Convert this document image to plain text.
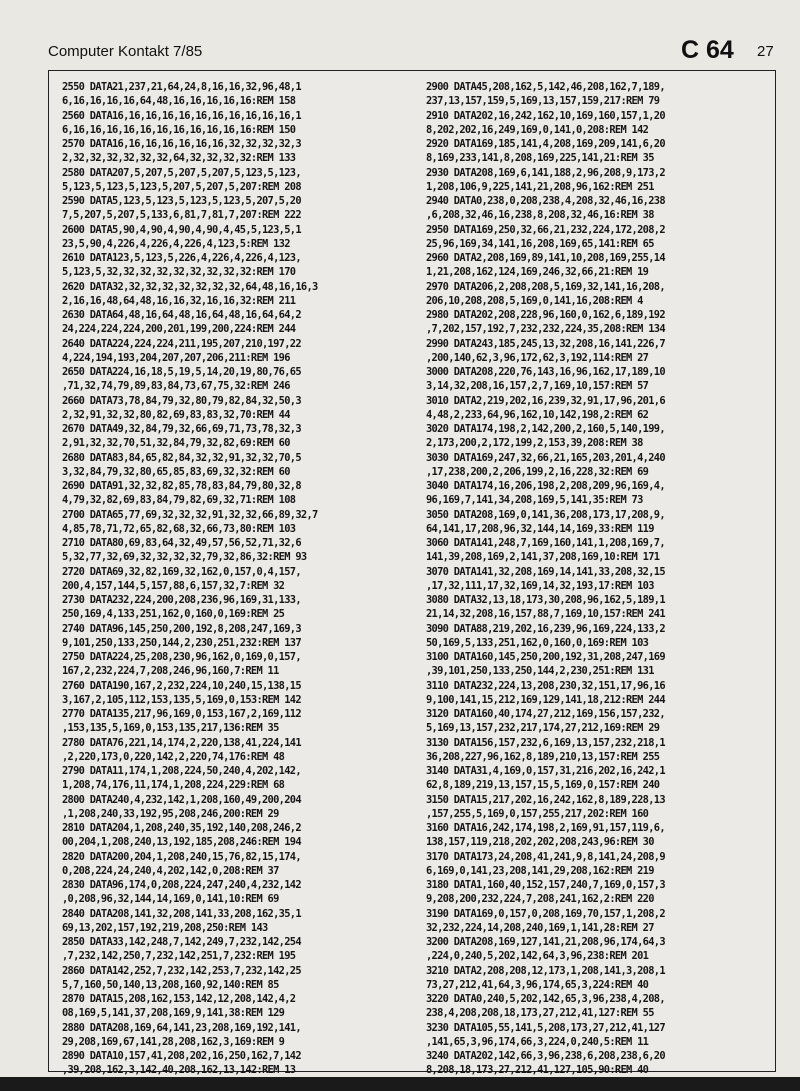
Computer Kontakt 7/85	C 64 27
2550 DATA21,237,21,64,24,8,16,16,32,96,48,1
6,16,16,16,16,64,48,16,16,16,16,16:REM 158
2560 DATA16,16,16,16,16,16,16,16,16,16,16,1
6,16,16,16,16,16,16,16,16,16,16,16:REM 150
2570 DATA16,16,16,16,16,16,16,32,32,32,32,3
2,32,32,32,32,32,32,64,32,32,32,32:REM 133
2580 DATA207,5,207,5,207,5,207,5,123,5,123,
5,123,5,123,5,123,5,207,5,207,5,207:REM 208
2590 DATA5,123,5,123,5,123,5,123,5,207,5,20
7,5,207,5,207,5,133,6,81,7,81,7,207:REM 222
2600 DATA5,90,4,90,4,90,4,90,4,45,5,123,5,1
23,5,90,4,226,4,226,4,226,4,123,5:REM 132
2610 DATA123,5,123,5,226,4,226,4,226,4,123,
5,123,5,32,32,32,32,32,32,32,32,32:REM 170
2620 DATA32,32,32,32,32,32,32,32,64,48,16,16,3
2,16,16,48,64,48,16,16,32,16,16,32:REM 211
2630 DATA64,48,16,64,48,16,64,48,16,64,64,2
24,224,224,224,200,201,199,200,224:REM 244
2640 DATA224,224,224,211,195,207,210,197,22
4,224,194,193,204,207,207,206,211:REM 196
2650 DATA224,16,18,5,19,5,14,20,19,80,76,65
,71,32,74,79,89,83,84,73,67,75,32:REM 246
2660 DATA73,78,84,79,32,80,79,82,84,32,50,3
2,32,91,32,32,80,82,69,83,83,32,70:REM 44
2670 DATA49,32,84,79,32,66,69,71,73,78,32,3
2,91,32,32,70,51,32,84,79,32,82,69:REM 60
2680 DATA83,84,65,82,84,32,32,91,32,32,70,5
3,32,84,79,32,80,65,85,83,69,32,32:REM 60
2690 DATA91,32,32,82,85,78,83,84,79,80,32,8
4,79,32,82,69,83,84,79,82,69,32,71:REM 108
2700 DATA65,77,69,32,32,32,91,32,32,66,89,32,7
4,85,78,71,72,65,82,68,32,66,73,80:REM 103
2710 DATA80,69,83,64,32,49,57,56,52,71,32,6
5,32,77,32,69,32,32,32,32,79,32,86,32:REM 93
2720 DATA69,32,82,169,32,162,0,157,0,4,157,
200,4,157,144,5,157,88,6,157,32,7:REM 32
2730 DATA232,224,200,208,236,96,169,31,133,
250,169,4,133,251,162,0,160,0,169:REM 25
2740 DATA96,145,250,200,192,8,208,247,169,3
9,101,250,133,250,144,2,230,251,232:REM 137
2750 DATA224,25,208,230,96,162,0,169,0,157,
167,2,232,224,7,208,246,96,160,7:REM 11
2760 DATA190,167,2,232,224,10,240,15,138,15
3,167,2,105,112,153,135,5,169,0,153:REM 142
2770 DATA135,217,96,169,0,153,167,2,169,112
,153,135,5,169,0,153,135,217,136:REM 35
2780 DATA76,221,14,174,2,220,138,41,224,141
,2,220,173,0,220,142,2,220,74,176:REM 48
2790 DATA11,174,1,208,224,50,240,4,202,142,
1,208,74,176,11,174,1,208,224,229:REM 68
2800 DATA240,4,232,142,1,208,160,49,200,204
,1,208,240,33,192,95,208,246,200:REM 29
2810 DATA204,1,208,240,35,192,140,208,246,2
00,204,1,208,240,13,192,185,208,246:REM 194
2820 DATA200,204,1,208,240,15,76,82,15,174,
0,208,224,24,240,4,202,142,0,208:REM 37
2830 DATA96,174,0,208,224,247,240,4,232,142
,0,208,96,32,144,14,169,0,141,10:REM 69
2840 DATA208,141,32,208,141,33,208,162,35,1
69,13,202,157,192,219,208,250:REM 143
2850 DATA33,142,248,7,142,249,7,232,142,254
,7,232,142,250,7,232,142,251,7,232:REM 195
2860 DATA142,252,7,232,142,253,7,232,142,25
5,7,160,50,140,13,208,160,92,140:REM 85
2870 DATA15,208,162,153,142,12,208,142,4,2
08,169,5,141,37,208,169,9,141,38:REM 129
2880 DATA208,169,64,141,23,208,169,192,141,
29,208,169,67,141,28,208,162,3,169:REM 9
2890 DATA10,157,41,208,202,16,250,162,7,142
,39,208,162,3,142,40,208,162,13,142:REM 13
2900 DATA45,208,162,5,142,46,208,162,7,189,
237,13,157,159,5,169,13,157,159,217:REM 79
2910 DATA202,16,242,162,10,169,160,157,1,20
8,202,202,16,249,169,0,141,0,208:REM 142
2920 DATA169,185,141,4,208,169,209,141,6,20
8,169,233,141,8,208,169,225,141,21:REM 35
2930 DATA208,169,6,141,188,2,96,208,9,173,2
1,208,106,9,225,141,21,208,96,162:REM 251
2940 DATA0,238,0,208,238,4,208,32,46,16,238
,6,208,32,46,16,238,8,208,32,46,16:REM 38
2950 DATA169,250,32,66,21,232,224,172,208,2
25,96,169,34,141,16,208,169,65,141:REM 65
2960 DATA2,208,169,89,141,10,208,169,255,14
1,21,208,162,124,169,246,32,66,21:REM 19
2970 DATA206,2,208,208,5,169,32,141,16,208,
206,10,208,208,5,169,0,141,16,208:REM 4
2980 DATA202,208,228,96,160,0,162,6,189,192
,7,202,157,192,7,232,232,224,35,208:REM 134
2990 DATA243,185,245,13,32,208,16,141,226,7
,200,140,62,3,96,172,62,3,192,114:REM 27
3000 DATA208,220,76,143,16,96,162,17,189,10
3,14,32,208,16,157,2,7,169,10,157:REM 57
3010 DATA2,219,202,16,239,32,91,17,96,201,6
4,48,2,233,64,96,162,10,142,198,2:REM 62
3020 DATA174,198,2,142,200,2,160,5,140,199,
2,173,200,2,172,199,2,153,39,208:REM 38
3030 DATA169,247,32,66,21,165,203,201,4,240
,17,238,200,2,206,199,2,16,228,32:REM 69
3040 DATA174,16,206,198,2,208,209,96,169,4,
96,169,7,141,34,208,169,5,141,35:REM 73
3050 DATA208,169,0,141,36,208,173,17,208,9,
64,141,17,208,96,32,144,14,169,33:REM 119
3060 DATA141,248,7,169,160,141,1,208,169,7,
141,39,208,169,2,141,37,208,169,10:REM 171
3070 DATA141,32,208,169,14,141,33,208,32,15
,17,32,111,17,32,169,14,32,193,17:REM 103
3080 DATA32,13,18,173,30,208,96,162,5,189,1
21,14,32,208,16,157,88,7,169,10,157:REM 241
3090 DATA88,219,202,16,239,96,169,224,133,2
50,169,5,133,251,162,0,160,0,169:REM 103
3100 DATA160,145,250,200,192,31,208,247,169
,39,101,250,133,250,144,2,230,251:REM 131
3110 DATA232,224,13,208,230,32,151,17,96,16
9,100,141,15,212,169,129,141,18,212:REM 244
3120 DATA160,40,174,27,212,169,156,157,232,
5,169,13,157,232,217,174,27,212,169:REM 29
3130 DATA156,157,232,6,169,13,157,232,218,1
36,208,227,96,162,8,189,210,13,157:REM 255
3140 DATA31,4,169,0,157,31,216,202,16,242,1
62,8,189,219,13,157,15,5,169,0,157:REM 240
3150 DATA15,217,202,16,242,162,8,189,228,13
,157,255,5,169,0,157,255,217,202:REM 160
3160 DATA16,242,174,198,2,169,91,157,119,6,
138,157,119,218,202,202,208,243,96:REM 30
3170 DATA173,24,208,41,241,9,8,141,24,208,9
6,169,0,141,23,208,141,29,208,162:REM 219
3180 DATA1,160,40,152,157,240,7,169,0,157,3
9,208,200,232,224,7,208,241,162,2:REM 220
3190 DATA169,0,157,0,208,169,70,157,1,208,2
32,232,224,14,208,240,169,1,141,28:REM 27
3200 DATA208,169,127,141,21,208,96,174,64,3
,224,0,240,5,202,142,64,3,96,238:REM 201
3210 DATA2,208,208,12,173,1,208,141,3,208,1
73,27,212,41,64,3,96,174,65,3,224:REM 40
3220 DATA0,240,5,202,142,65,3,96,238,4,208,
238,4,208,208,18,173,27,212,41,127:REM 55
3230 DATA105,55,141,5,208,173,27,212,41,127
,141,65,3,96,174,66,3,224,0,240,5:REM 11
3240 DATA202,142,66,3,96,238,6,208,238,6,20
8,208,18,173,27,212,41,127,105,90:REM 40
